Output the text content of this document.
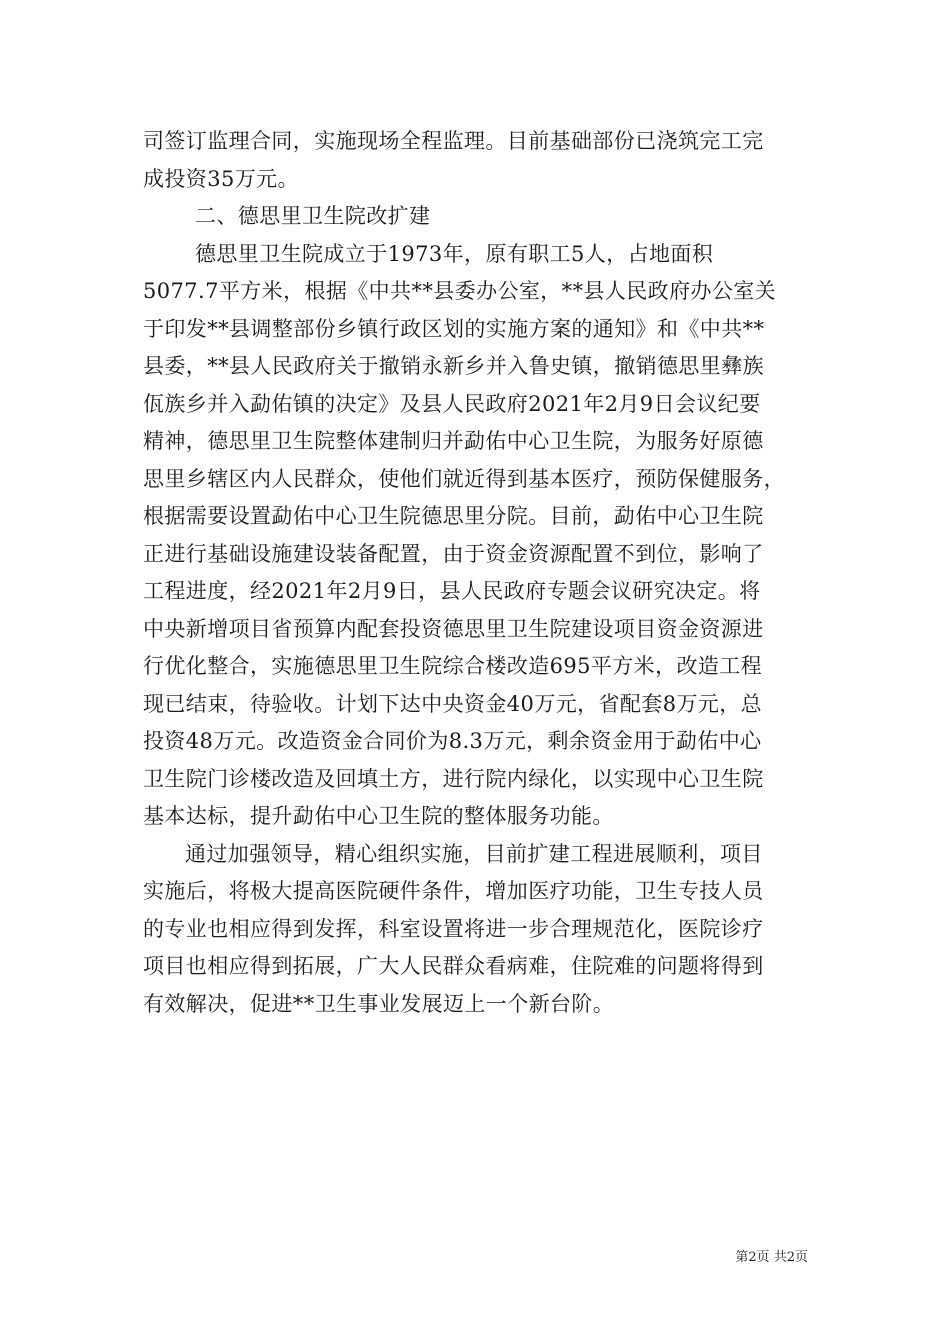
司签订监理合同，实施现场全程监理。目前基础部份已浇筑完工完
成投资35万元。
二、德思里卫生院改扩建
德思里卫生院成立于1973年，原有职工5人，占地面积
5077.7平方米，根据《中共**县委办公室，**县人民政府办公室关
于印发**县调整部份乡镇行政区划的实施方案的通知》和《中共**
县委，**县人民政府关于撤销永新乡并入鲁史镇，撤销德思里彝族
佤族乡并入勐佑镇的决定》及县人民政府2021年2月9日会议纪要
精神，德思里卫生院整体建制归并勐佑中心卫生院，为服务好原德
思里乡辖区内人民群众，使他们就近得到基本医疗，预防保健服务，
根据需要设置勐佑中心卫生院德思里分院。目前，勐佑中心卫生院
正进行基础设施建设装备配置，由于资金资源配置不到位，影响了
工程进度，经2021年2月9日，县人民政府专题会议研究决定。将
中央新增项目省预算内配套投资德思里卫生院建设项目资金资源进
行优化整合，实施德思里卫生院综合楼改造695平方米，改造工程
现已结束，待验收。计划下达中央资金40万元，省配套8万元，总
投资48万元。改造资金合同价为8.3万元，剩余资金用于勐佑中心
卫生院门诊楼改造及回填土方，进行院内绿化，以实现中心卫生院
基本达标，提升勐佑中心卫生院的整体服务功能。
通过加强领导，精心组织实施，目前扩建工程进展顺利，项目
实施后，将极大提高医院硬件条件，增加医疗功能，卫生专技人员
的专业也相应得到发挥，科室设置将进一步合理规范化，医院诊疗
项目也相应得到拓展，广大人民群众看病难，住院难的问题将得到
有效解决，促进**卫生事业发展迈上一个新台阶。
第2页 共2页
